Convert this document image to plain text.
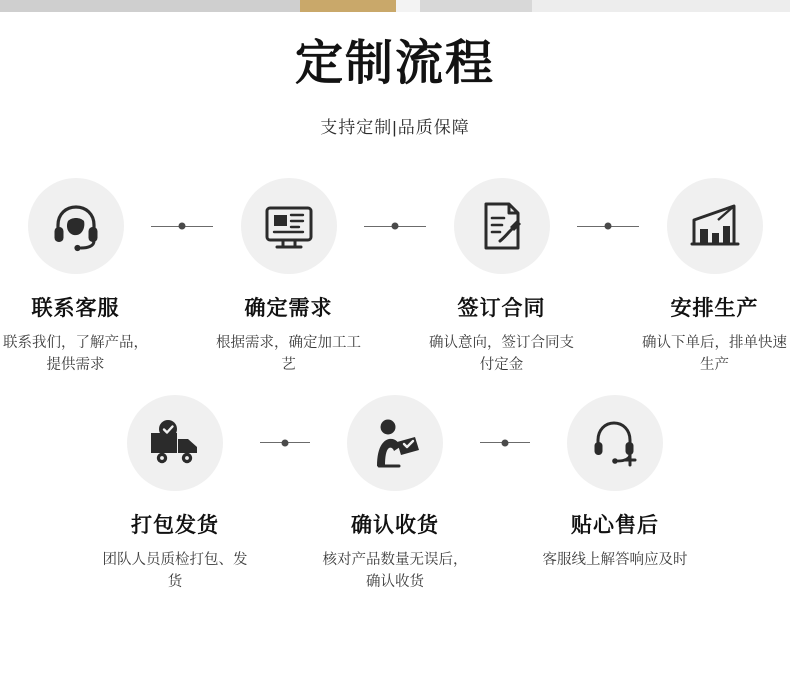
定制流程
支持定制|品质保障
联系客服
联系我们，了解产品，提供需求
确定需求
根据需求，确定加工工艺
签订合同
确认意向，签订合同支付定金
安排生产
确认下单后，排单快速生产
打包发货
团队人员质检打包、发货
确认收货
核对产品数量无误后，确认收货
贴心售后
客服线上解答响应及时
